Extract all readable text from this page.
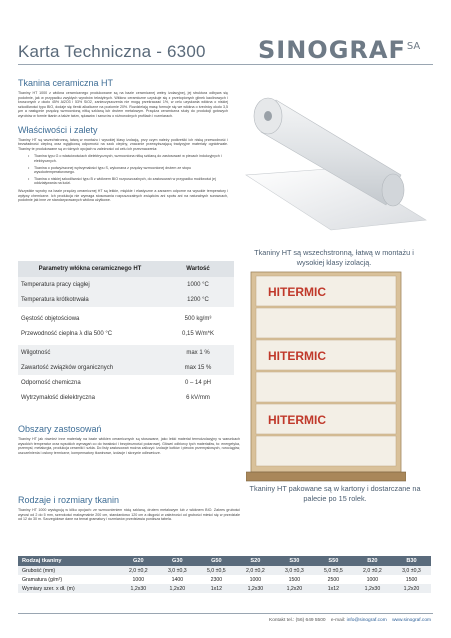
Karta Techniczna - 6300 $SINOGRAF^{SA}$
Tkanina ceramiczna HT

Tkaniny HT 1000 z włókna ceramicznego produkowane są na bazie ceramicznej wełny izolacyjnej, jej struktura odbywa się podobnie, jak w przypadku zwykłych wyrobów tekstylnych. Włókno ceramiczne uzyskuje się z przetopionych glinek kaolinowych i kruszonych z około 45% Al2O3 i 53% SiO2, zanieczyszczenia nie mogą przekraczać 1%, w celu uzyskania włókna o niskiej szkodliwości typu BIO, dodaje się tlenki alkaliczne na poziomie 20%. Rozdzielają masę formuje się we włókna o średnicy około 3,5 µm a następnie przędzę wzmocnioną nitką szklaną lub drutem metalowym. Przędza ceramiczna służy do produkcji gotowych wyrobów w formie tkanin a także taśm, rękawów i sznurów o różnorodnych profilach i rozmiarach.

Właściwości i zalety

Tkaniny HT są wszechstronną, łatwą w montażu i wysokiej klasy izolacją, przy czym należy podkreślić ich niską przewodność i bezwładność cieplną oraz wyjątkową odporność na szok cieplny, znacznie przewyższającą tradycyjne materiały ogniotrwałe. Tkaniny te produkowane są w różnych opcjach w zależności od celu ich przeznaczenia:

• Tkanina typu G o właściwościach dielektrycznych, wzmocniona nitką szklaną do zastosowań w piecach indukcyjnych i elektrycznych.
• Tkanina o podwyższonej wytrzymałości typu S, wykonana z przędzy wzmocnionej drutem ze stopu wysokotemperaturowego.
• Tkanina o niskiej szkodliwości typu B z włóknem BIO rozpuszczalnych, do zastosowań w przypadku możliwości jej oddziaływania na ludzi.

Wszystkie wyroby na bazie przędzy ceramicznej HT są lekkie, miękkie i elastyczne a zarazem odporne na wysokie temperatury i wpływy chemiczne. Ich produkcja nie wymaga stosowania rozpuszczalnych związków ani spoiw ani na naturalnych surowcach, podobnie jak inne ze standaryzowanych włókna użytkowe.

Parametry włókna ceramicznego HT	Wartość
Temperatura pracy ciągłej	1000 °C
Temperatura krótkotrwała	1200 °C

Gęstość objętościowa	500 kg/m³
Przewodność cieplna λ dla 500 °C	0,15 W/m*K

Wilgotność	max 1 %
Zawartość związków organicznych	max 15 %
Odporność chemiczna	0 – 14 pH
Wytrzymałość dielektryczna	6 kV/mm
Tkaniny HT są wszechstronną, łatwą w montażu i wysokiej klasy izolacją.
HITERMIC
HITERMIC
HITERMIC
Tkaniny HT pakowane są w kartony i dostarczane na palecie po 15 rolek.
Obszary zastosowań

Tkaniny HT jak również inne materiały na bazie włókien ceramicznych są stosowane, jako lekki materiał termoizolacyjny w warunkach wysokich temperatur oraz wysokich wymagań co do trwałości i bezpieczności pożarowej. Główni odbiorcy tych materiałów, to: energetyka, przemysł, metalurgia, produkcja ceramiki i szkła. Do listy zastosowań można zaliczyć: izolacje kotłów i pieców przemysłowych, rurociągów, uszczelnienia i osłony termiczne, kompensatory tkaninowe, izolacje i skrzynie odlewnicze.

Rodzaje i rozmiary tkanin

Tkaniny HT 1000 występują w kilku opcjach: ze wzmocnieniem nicią szklaną, drutem metalowym lub z włóknem BIO. Zakres grubości wynosi od 2 do 5 mm, szerokości maksymalnie 200 cm, standardowo 120 cm a długość w zależności od grubości mieści się w przedziale od 12 do 30 m. Szczegółowe dane na temat gramatury i rozmiarów przedstawia poniższa tabela.

Rodzaj tkaniny	G20	G30	G50	S20	S30	S50	B20	B30
Grubość (mm)	2,0 ±0,2	3,0 ±0,3	5,0 ±0,5	2,0 ±0,2	3,0 ±0,3	5,0 ±0,5	2,0 ±0,2	3,0 ±0,3
Gramatura (g/m²)	1000	1400	2300	1000	1500	2500	1000	1500
Wymiary szer. x dł. (m)	1,2x30	1,2x20	1x12	1,2x30	1,2x20	1x12	1,2x30	1,2x20
Kontakt tel.: (56) 649 5500 e-mail: info@sinograf.com www.sinograf.com
